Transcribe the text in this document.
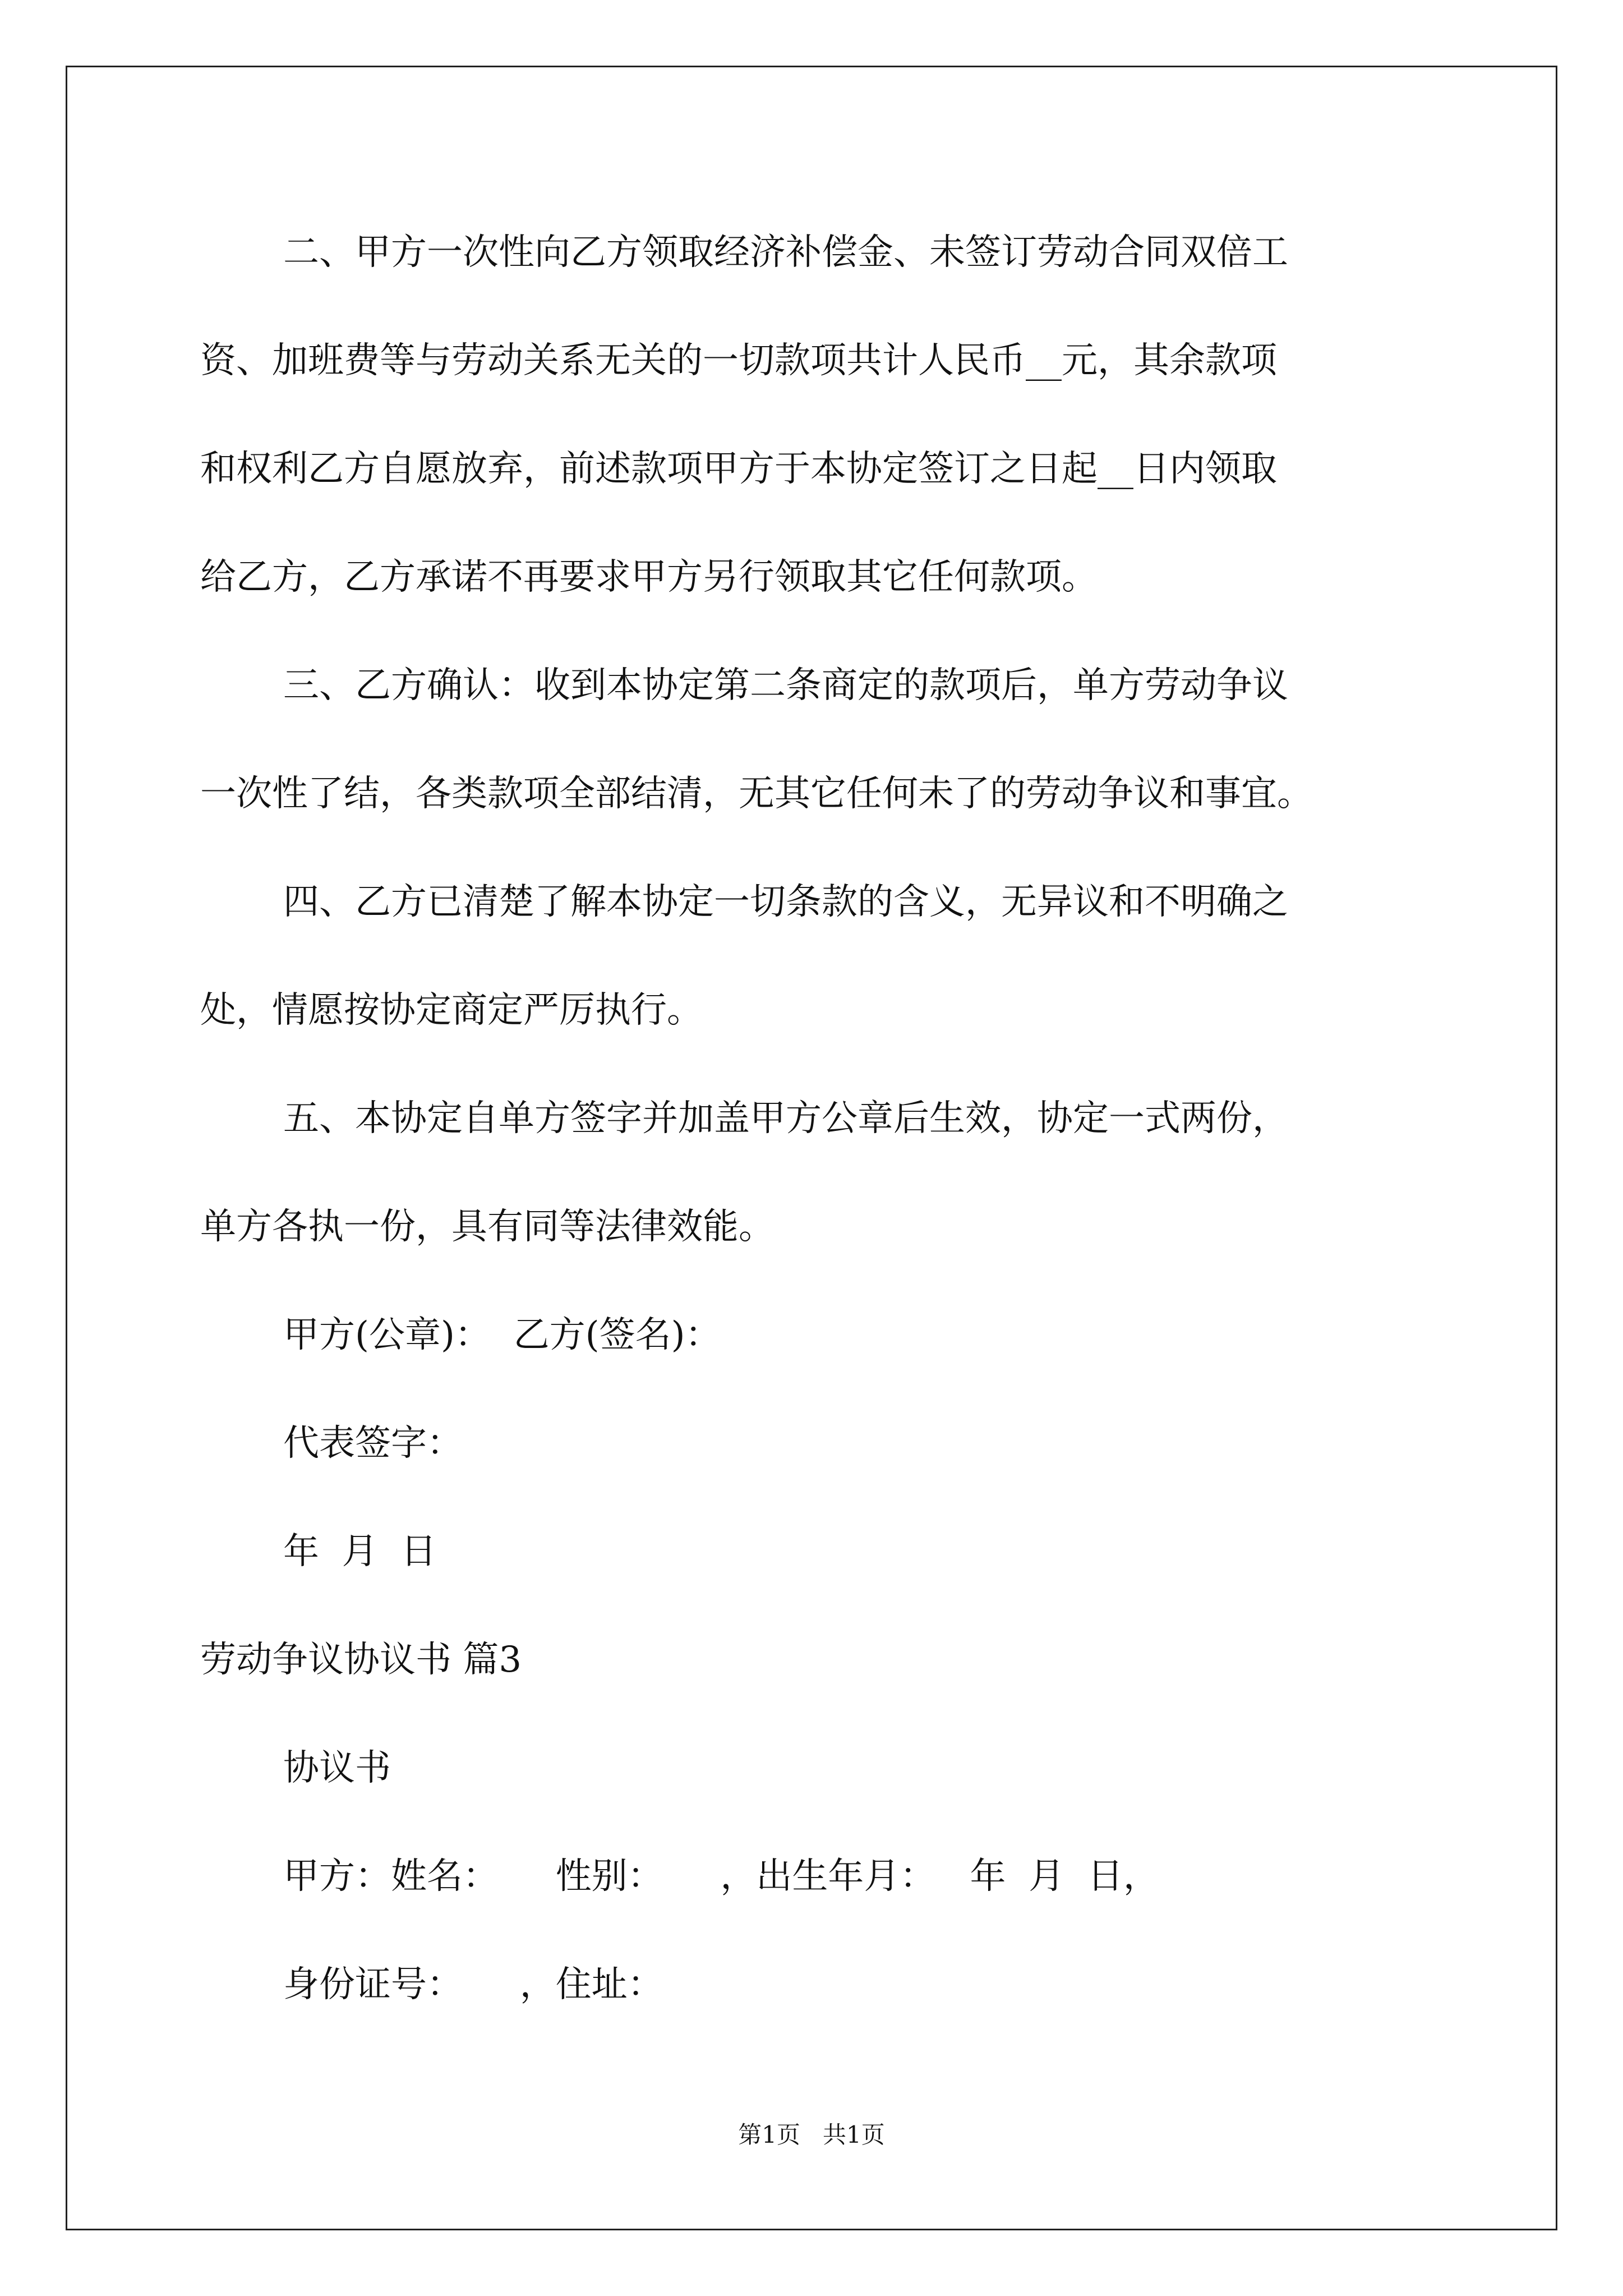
二、甲方一次性向乙方领取经济补偿金、未签订劳动合同双倍工
资、加班费等与劳动关系无关的一切款项共计人民币__元，其余款项
和权利乙方自愿放弃，前述款项甲方于本协定签订之日起__日内领取
给乙方，乙方承诺不再要求甲方另行领取其它任何款项。
三、乙方确认：收到本协定第二条商定的款项后，单方劳动争议
一次性了结，各类款项全部结清，无其它任何未了的劳动争议和事宜。
四、乙方已清楚了解本协定一切条款的含义，无异议和不明确之
处，情愿按协定商定严厉执行。
五、本协定自单方签字并加盖甲方公章后生效，协定一式两份，
单方各执一份，具有同等法律效能。
甲方(公章)：  乙方(签名)：
代表签字：
年  月  日
劳动争议协议书 篇3
协议书
甲方：姓名：     性别：     ，出生年月：   年  月  日，
身份证号：     ，住址：
第1页   共1页
